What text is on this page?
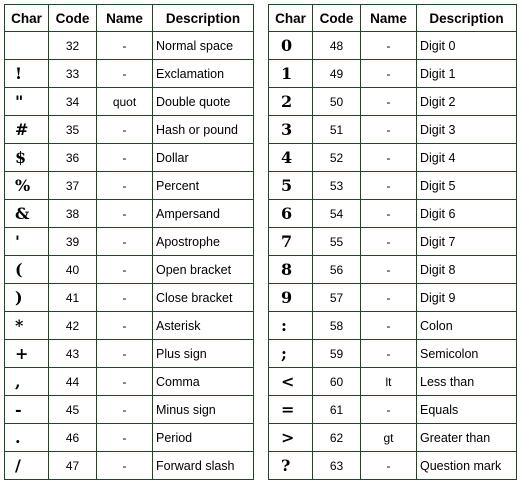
Char	Code	Name	Description
	32	-	Normal space
!	33	-	Exclamation
"	34	quot	Double quote
#	35	-	Hash or pound
$	36	-	Dollar
%	37	-	Percent
&	38	-	Ampersand
'	39	-	Apostrophe
(	40	-	Open bracket
)	41	-	Close bracket
*	42	-	Asterisk
+	43	-	Plus sign
,	44	-	Comma
-	45	-	Minus sign
.	46	-	Period
/	47	-	Forward slash
Char	Code	Name	Description
0	48	-	Digit 0
1	49	-	Digit 1
2	50	-	Digit 2
3	51	-	Digit 3
4	52	-	Digit 4
5	53	-	Digit 5
6	54	-	Digit 6
7	55	-	Digit 7
8	56	-	Digit 8
9	57	-	Digit 9
:	58	-	Colon
;	59	-	Semicolon
<	60	lt	Less than
=	61	-	Equals
>	62	gt	Greater than
?	63	-	Question mark
